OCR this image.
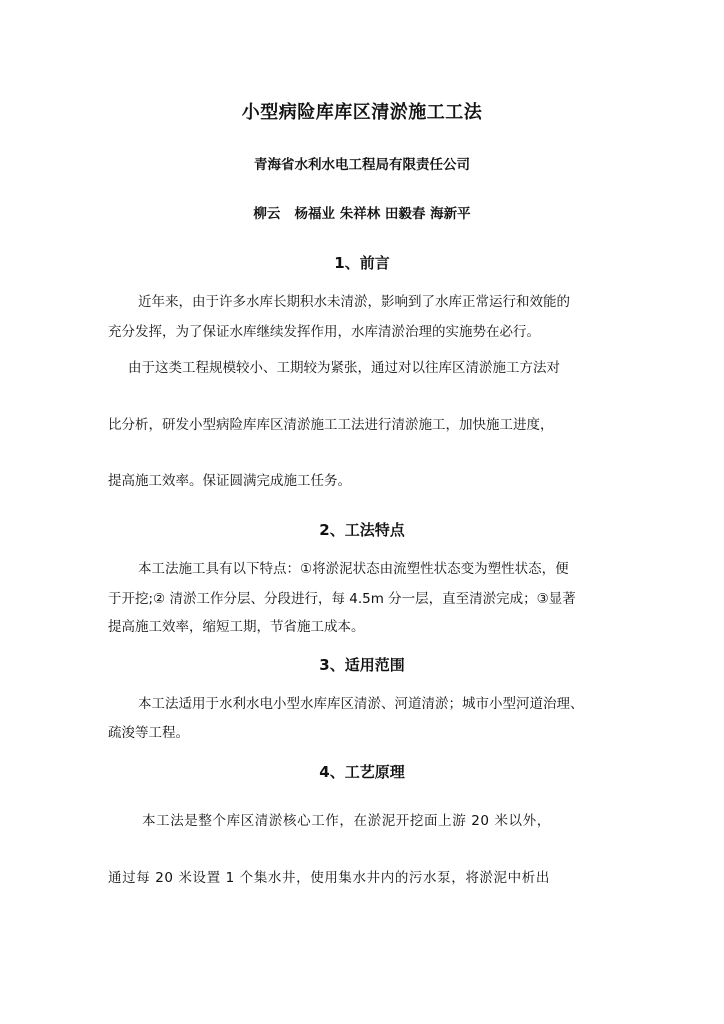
小型病险库库区清淤施工工法
青海省水利水电工程局有限责任公司
柳云   杨福业 朱祥林 田毅春 海新平
1、前言
近年来，由于许多水库长期积水未清淤，影响到了水库正常运行和效能的
充分发挥，为了保证水库继续发挥作用，水库清淤治理的实施势在必行。
由于这类工程规模较小、工期较为紧张，通过对以往库区清淤施工方法对
比分析，研发小型病险库库区清淤施工工法进行清淤施工，加快施工进度，
提高施工效率。保证圆满完成施工任务。
2、工法特点
本工法施工具有以下特点：①将淤泥状态由流塑性状态变为塑性状态，便
于开挖;② 清淤工作分层、分段进行，每 4.5m 分一层，直至清淤完成；③显著
提高施工效率，缩短工期，节省施工成本。
3、适用范围
本工法适用于水利水电小型水库库区清淤、河道清淤；城市小型河道治理、
疏浚等工程。
4、工艺原理
本工法是整个库区清淤核心工作，在淤泥开挖面上游 20 米以外，
通过每 20 米设置 1 个集水井，使用集水井内的污水泵，将淤泥中析出
